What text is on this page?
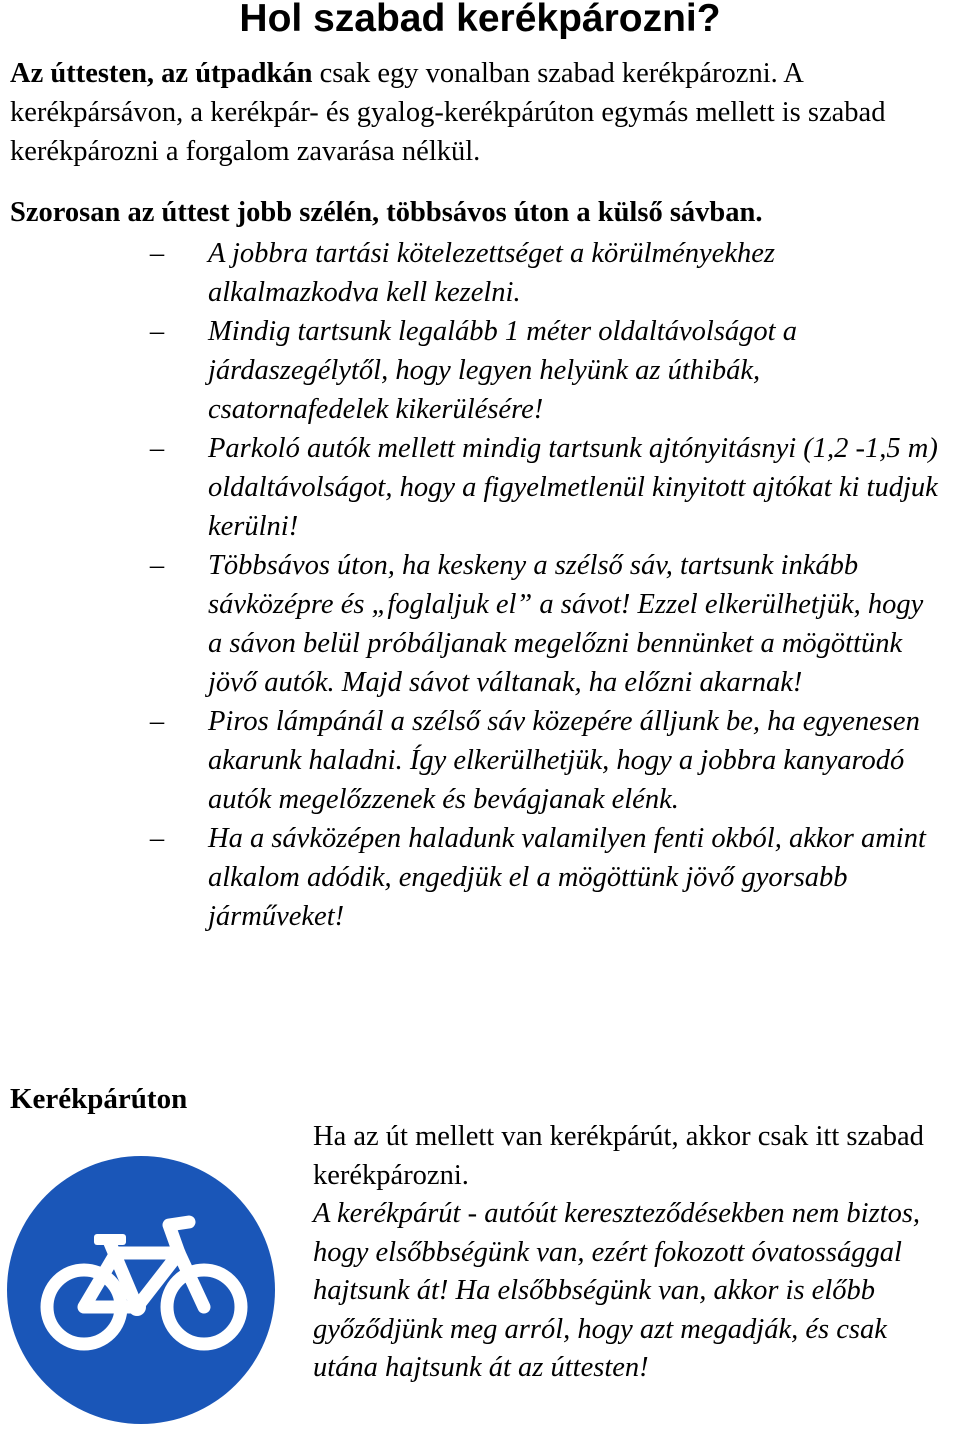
Hol szabad kerékpározni?

Az úttesten, az útpadkán csak egy vonalban szabad kerékpározni. A kerékpársávon, a kerékpár- és gyalog-kerékpárúton egymás mellett is szabad kerékpározni a forgalom zavarása nélkül.

Szorosan az úttest jobb szélén, többsávos úton a külső sávban.

–	A jobbra tartási kötelezettséget a körülményekhez alkalmazkodva kell kezelni.
–	Mindig tartsunk legalább 1 méter oldaltávolságot a járdaszegélytől, hogy legyen helyünk az úthibák, csatornafedelek kikerülésére!
–	Parkoló autók mellett mindig tartsunk ajtónyitásnyi (1,2 -1,5 m) oldaltávolságot, hogy a figyelmetlenül kinyitott ajtókat ki tudjuk kerülni!
–	Többsávos úton, ha keskeny a szélső sáv, tartsunk inkább sávközépre és „foglaljuk el” a sávot! Ezzel elkerülhetjük, hogy a sávon belül próbáljanak megelőzni bennünket a mögöttünk jövő autók. Majd sávot váltanak, ha előzni akarnak!
–	Piros lámpánál a szélső sáv közepére álljunk be, ha egyenesen akarunk haladni. Így elkerülhetjük, hogy a jobbra kanyarodó autók megelőzzenek és bevágjanak elénk.
–	Ha a sávközépen haladunk valamilyen fenti okból, akkor amint alkalom adódik, engedjük el a mögöttünk jövő gyorsabb járműveket!

Kerékpárúton

Ha az út mellett van kerékpárút, akkor csak itt szabad kerékpározni.
A kerékpárút - autóút kereszteződésekben nem biztos, hogy elsőbbségünk van, ezért fokozott óvatossággal hajtsunk át! Ha elsőbbségünk van, akkor is előbb győződjünk meg arról, hogy azt megadják, és csak utána hajtsunk át az úttesten!
